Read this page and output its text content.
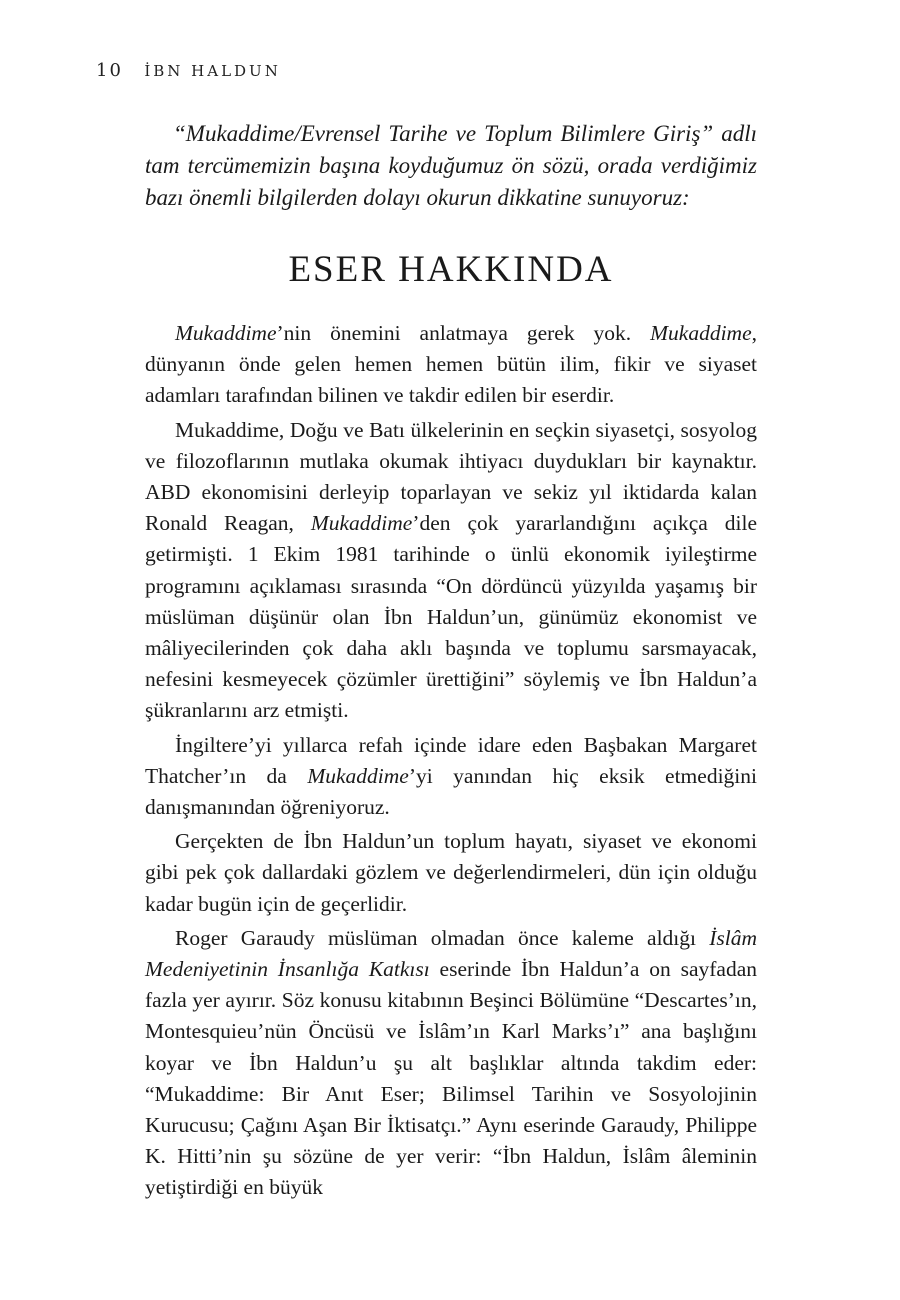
10 İBN HALDUN

“Mukaddime/Evrensel Tarihe ve Toplum Bilimlere Giriş” adlı tam tercümemizin başına koyduğumuz ön sözü, orada verdiğimiz bazı önemli bilgilerden dolayı okurun dikkatine sunuyoruz:

ESER HAKKINDA

Mukaddime’nin önemini anlatmaya gerek yok. Mukaddime, dünyanın önde gelen hemen hemen bütün ilim, fikir ve siyaset adamları tarafından bilinen ve takdir edilen bir eserdir.

Mukaddime, Doğu ve Batı ülkelerinin en seçkin siyasetçi, sosyolog ve filozoflarının mutlaka okumak ihtiyacı duydukları bir kaynaktır. ABD ekonomisini derleyip toparlayan ve sekiz yıl iktidarda kalan Ronald Reagan, Mukaddime’den çok yararlandığını açıkça dile getirmişti. 1 Ekim 1981 tarihinde o ünlü ekonomik iyileştirme programını açıklaması sırasında “On dördüncü yüzyılda yaşamış bir müslüman düşünür olan İbn Haldun’un, günümüz ekonomist ve mâliyecilerinden çok daha aklı başında ve toplumu sarsmayacak, nefesini kesmeyecek çözümler ürettiğini” söylemiş ve İbn Haldun’a şükranlarını arz etmişti.

İngiltere’yi yıllarca refah içinde idare eden Başbakan Margaret Thatcher’ın da Mukaddime’yi yanından hiç eksik etmediğini danışmanından öğreniyoruz.

Gerçekten de İbn Haldun’un toplum hayatı, siyaset ve ekonomi gibi pek çok dallardaki gözlem ve değerlendirmeleri, dün için olduğu kadar bugün için de geçerlidir.

Roger Garaudy müslüman olmadan önce kaleme aldığı İslâm Medeniyetinin İnsanlığa Katkısı eserinde İbn Haldun’a on sayfadan fazla yer ayırır. Söz konusu kitabının Beşinci Bölümüne “Descartes’ın, Montesquieu’nün Öncüsü ve İslâm’ın Karl Marks’ı” ana başlığını koyar ve İbn Haldun’u şu alt başlıklar altında takdim eder: “Mukaddime: Bir Anıt Eser; Bilimsel Tarihin ve Sosyolojinin Kurucusu; Çağını Aşan Bir İktisatçı.” Aynı eserinde Garaudy, Philippe K. Hitti’nin şu sözüne de yer verir: “İbn Haldun, İslâm âleminin yetiştirdiği en büyük
